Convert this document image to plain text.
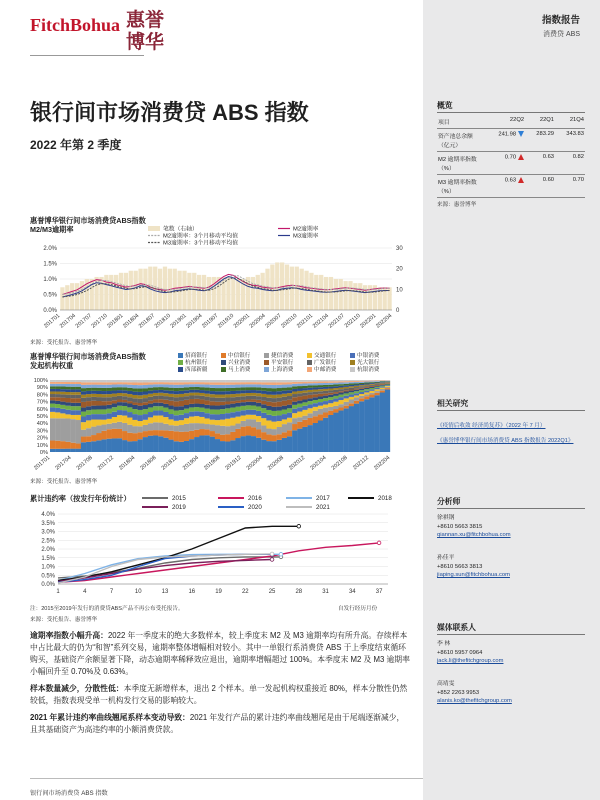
FitchBohua 惠誉
博华
指数报告
消费贷 ABS
银行间市场消费贷 ABS 指数
2022 年第 2 季度
惠誉博华银行间市场消费贷ABS指数
M2/M3逾期率
0.0%
0.5%
1.0%
1.5%
2.0%
0
10
20
30
201701
201704
201707
201710
201801
201804
201807
201810
201901
201904
201907
201910
202001
202004
202007
202010
202101
202104
202107
202110
202201
202204
笔数（右轴）	M2逾期率
M2逾期率：3个月移动平均值	M3逾期率
M3逾期率：3个月移动平均值
来源：受托报告、惠誉博华
惠誉博华银行间市场消费贷ABS指数
发起机构权重
0%
10%
20%
30%
40%
50%
60%
70%
80%
90%
100%
招商银行	中信银行	捷信消费	交通银行	中银消费
杭州银行	兴业消费	平安银行	广发银行	光大银行
西部新疆	马上消费	上海消费	中邮消费	杭银消费
201701 201704 201708 201712 201804 201808 201812 201904 201908 201912 202004 202008 202012 202104 202108 202112 202204
来源：受托报告、惠誉博华
累计违约率（按发行年份统计）
0.0%
0.5%
1.0%
1.5%
2.0%
2.5%
3.0%
3.5%
4.0%
1	4	7	10	13	16	19	22	25	28	31	34	37
2015	2016	2017	2018
2019	2020	2021
注：2015至2019年发行的消费贷ABS产品不再公布受托报告。	自发行经历月份
来源：受托报告、惠誉博华
逾期率指数小幅升高：2022 年一季度末的绝大多数样本，较上季度末 M2 及 M3 逾期率均有所升高。存续样本中占比最大的仍为“和智”系列交易，逾期率整体增幅相对较小。其中一单银行系消费贷 ABS 于上季度结束循环购买，基础资产余额显著下降，动态逾期率稀释效应退出，逾期率增幅超过 100%。本季度末 M2 及 M3 逾期率小幅回升至 0.70%及 0.63%。
样本数量减少，分散性低：本季度无新增样本，退出 2 个样本。单一发起机构权重接近 80%，样本分散性仍然较低，指数表现受单一机构发行交易的影响较大。
2021 年累计违约率曲线翘尾系样本变动导致：2021 年发行产品的累计违约率曲线翘尾是由于尾端逐渐减少，且其基础资产为高违约率的小额消费贷款。
银行间市场消费贷 ABS 指数
概览
项目	22Q2	22Q1	21Q4
资产池总余额（亿元）	241.98	283.29	343.83
M2 逾期率指数（%）	0.70	0.63	0.82
M3 逾期率指数（%）	0.63	0.60	0.70
来源：惠誉博华
相关研究
《疫情后收敛 经济尚复苏》（2022 年 7 月）
《惠誉博华银行间市场消费贷 ABS 指数报告 2022Q1》
分析师
徐祺钢
+8610 5663 3815
qiannan.xu@fitchbohua.com
孙佳平
+8610 5663 3813
jiaping.sun@fitchbohua.com
媒体联系人
李 林
+8610 5957 0964
jack.li@thefitchgroup.com
高靖雯
+852 2263 9953
alanis.ko@thefitchgroup.com
